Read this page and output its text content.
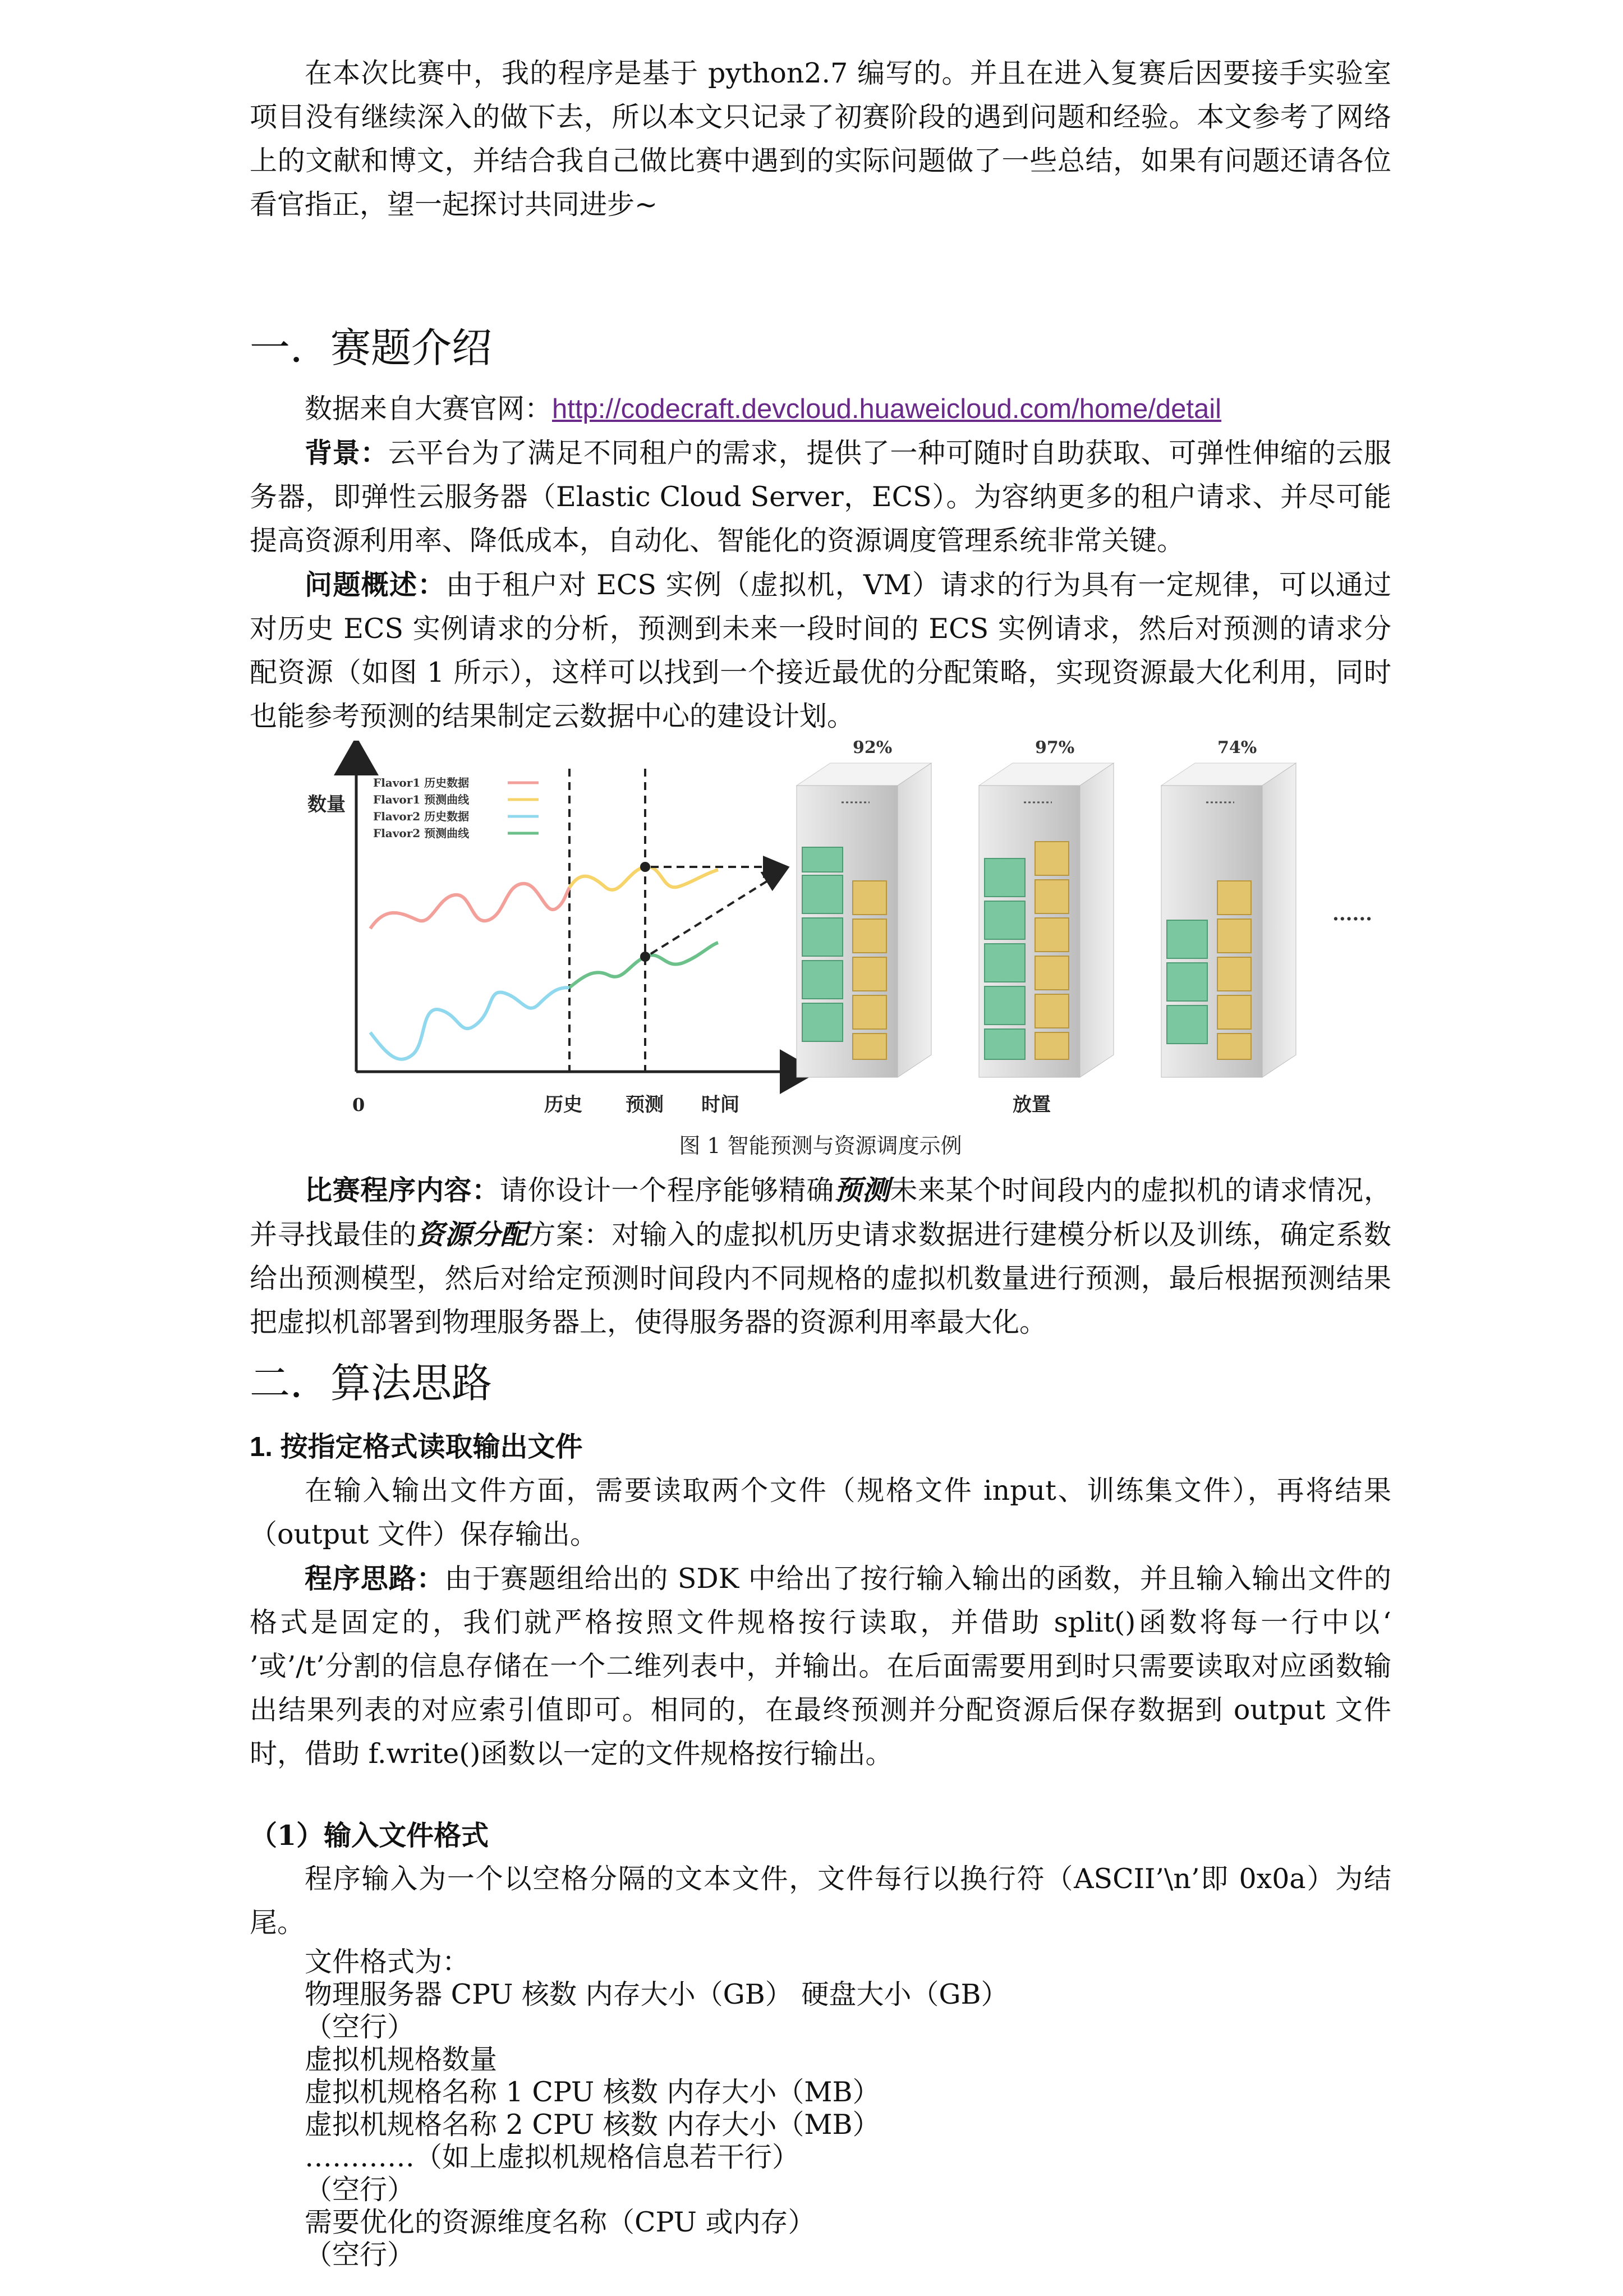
在本次比赛中，我的程序是基于 python2.7 编写的。并且在进入复赛后因要接手实验室项目没有继续深入的做下去，所以本文只记录了初赛阶段的遇到问题和经验。本文参考了网络上的文献和博文，并结合我自己做比赛中遇到的实际问题做了一些总结，如果有问题还请各位看官指正，望一起探讨共同进步~

一．赛题介绍

数据来自大赛官网：http://codecraft.devcloud.huaweicloud.com/home/detail

背景：云平台为了满足不同租户的需求，提供了一种可随时自助获取、可弹性伸缩的云服务器，即弹性云服务器（Elastic Cloud Server，ECS）。为容纳更多的租户请求、并尽可能提高资源利用率、降低成本，自动化、智能化的资源调度管理系统非常关键。

问题概述：由于租户对 ECS 实例（虚拟机，VM）请求的行为具有一定规律，可以通过对历史 ECS 实例请求的分析，预测到未来一段时间的 ECS 实例请求，然后对预测的请求分配资源（如图 1 所示），这样可以找到一个接近最优的分配策略，实现资源最大化利用，同时也能参考预测的结果制定云数据中心的建设计划。

数量
0	历史 预测 时间
Flavor1 历史数据
Flavor1 预测曲线
Flavor2 历史数据
Flavor2 预测曲线
92%	97%	74%
......
放置
图 1 智能预测与资源调度示例

比赛程序内容：请你设计一个程序能够精确预测未来某个时间段内的虚拟机的请求情况，并寻找最佳的资源分配方案：对输入的虚拟机历史请求数据进行建模分析以及训练，确定系数给出预测模型，然后对给定预测时间段内不同规格的虚拟机数量进行预测，最后根据预测结果把虚拟机部署到物理服务器上，使得服务器的资源利用率最大化。

二．算法思路
1. 按指定格式读取输出文件

在输入输出文件方面，需要读取两个文件（规格文件 input、训练集文件），再将结果（output 文件）保存输出。

程序思路：由于赛题组给出的 SDK 中给出了按行输入输出的函数，并且输入输出文件的格式是固定的，我们就严格按照文件规格按行读取，并借助 split()函数将每一行中以‘ ’或’/t’分割的信息存储在一个二维列表中，并输出。在后面需要用到时只需要读取对应函数输出结果列表的对应索引值即可。相同的，在最终预测并分配资源后保存数据到 output 文件时，借助 f.write()函数以一定的文件规格按行输出。

（1）输入文件格式

程序输入为一个以空格分隔的文本文件，文件每行以换行符（ASCII’\n’即 0x0a）为结尾。

文件格式为：
物理服务器 CPU 核数 内存大小（GB） 硬盘大小（GB）
（空行）
虚拟机规格数量
虚拟机规格名称 1 CPU 核数 内存大小（MB）
虚拟机规格名称 2 CPU 核数 内存大小（MB）
…………（如上虚拟机规格信息若干行）
（空行）
需要优化的资源维度名称（CPU 或内存）
（空行）
